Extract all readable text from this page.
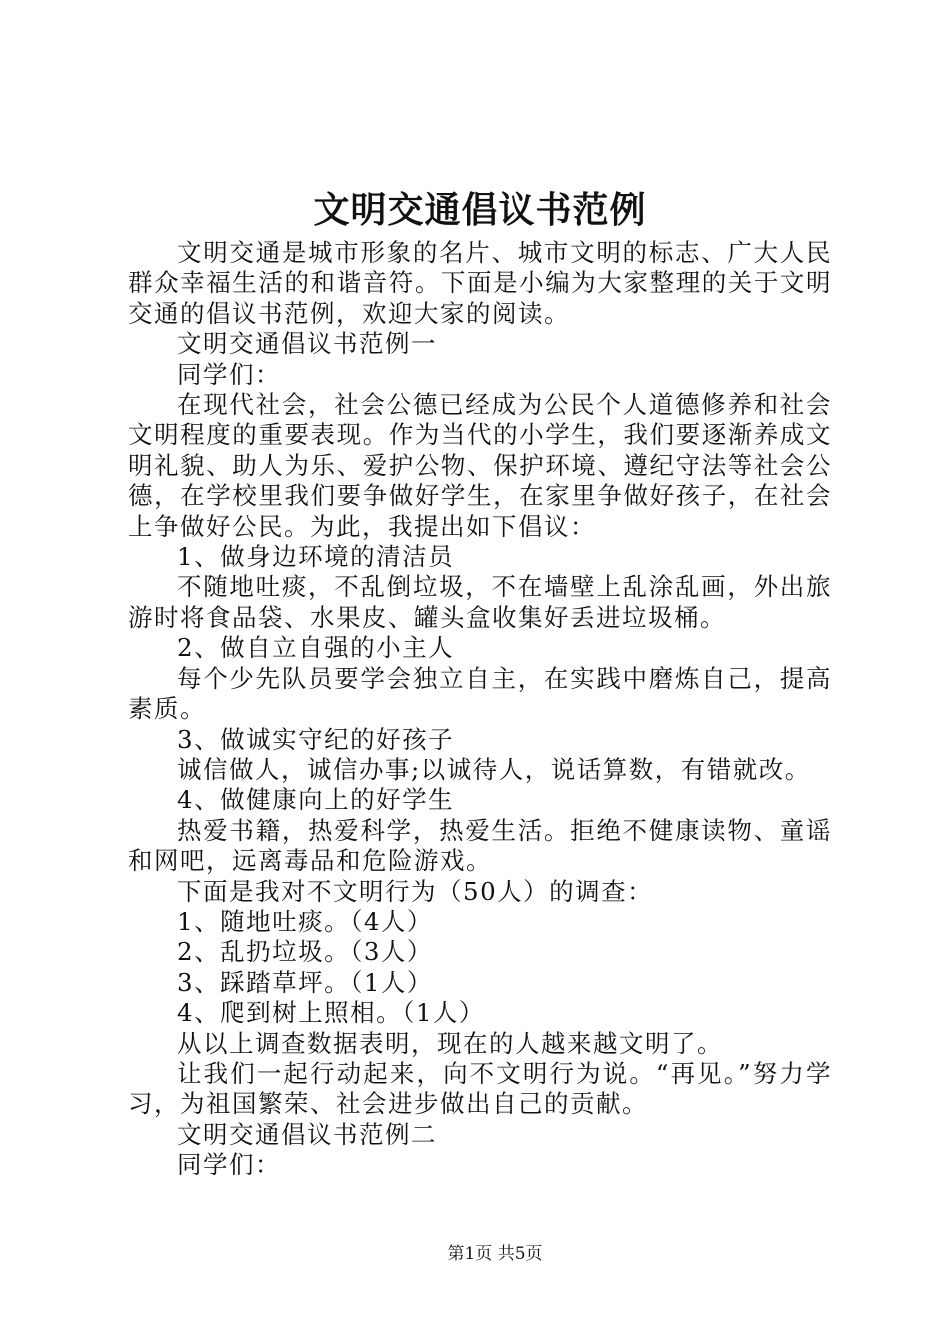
文明交通倡议书范例

文明交通是城市形象的名片、城市文明的标志、广大人民群众幸福生活的和谐音符。下面是小编为大家整理的关于文明交通的倡议书范例，欢迎大家的阅读。

文明交通倡议书范例一

同学们：

在现代社会，社会公德已经成为公民个人道德修养和社会文明程度的重要表现。作为当代的小学生，我们要逐渐养成文明礼貌、助人为乐、爱护公物、保护环境、遵纪守法等社会公德，在学校里我们要争做好学生，在家里争做好孩子，在社会上争做好公民。为此，我提出如下倡议：

1、做身边环境的清洁员

不随地吐痰，不乱倒垃圾，不在墙壁上乱涂乱画，外出旅游时将食品袋、水果皮、罐头盒收集好丢进垃圾桶。

2、做自立自强的小主人

每个少先队员要学会独立自主，在实践中磨炼自己，提高素质。

3、做诚实守纪的好孩子

诚信做人，诚信办事;以诚待人，说话算数，有错就改。

4、做健康向上的好学生

热爱书籍，热爱科学，热爱生活。拒绝不健康读物、童谣和网吧，远离毒品和危险游戏。

下面是我对不文明行为（50人）的调查：

1、随地吐痰。（4人）

2、乱扔垃圾。（3人）

3、踩踏草坪。（1人）

4、爬到树上照相。（1人）

从以上调查数据表明，现在的人越来越文明了。

让我们一起行动起来，向不文明行为说。“再见。”努力学习，为祖国繁荣、社会进步做出自己的贡献。

文明交通倡议书范例二

同学们：

第1页 共5页
